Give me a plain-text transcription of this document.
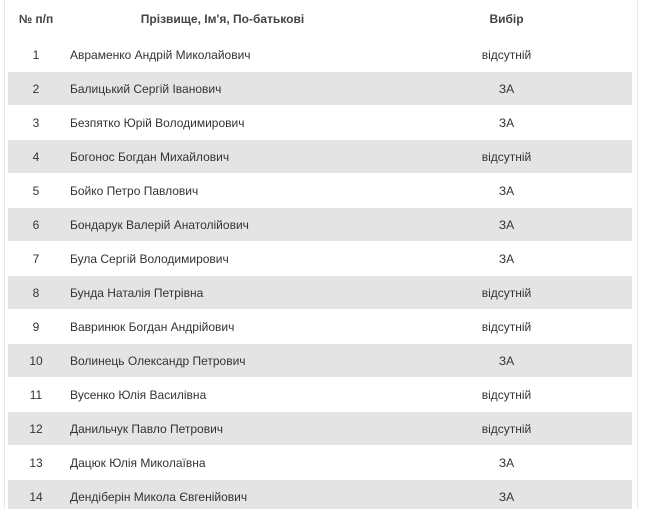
№ п/п	Прізвище, Ім'я, По-батькові	Вибір
1	Авраменко Андрій Миколайович	відсутній
2	Балицький Сергій Іванович	ЗА
3	Безпятко Юрій Володимирович	ЗА
4	Богонос Богдан Михайлович	відсутній
5	Бойко Петро Павлович	ЗА
6	Бондарук Валерій Анатолійович	ЗА
7	Була Сергій Володимирович	ЗА
8	Бунда Наталія Петрівна	відсутній
9	Вавринюк Богдан Андрійович	відсутній
10	Волинець Олександр Петрович	ЗА
11	Вусенко Юлія Василівна	відсутній
12	Данильчук Павло Петрович	відсутній
13	Дацюк Юлія Миколаївна	ЗА
14	Дендіберін Микола Євгенійович	ЗА
